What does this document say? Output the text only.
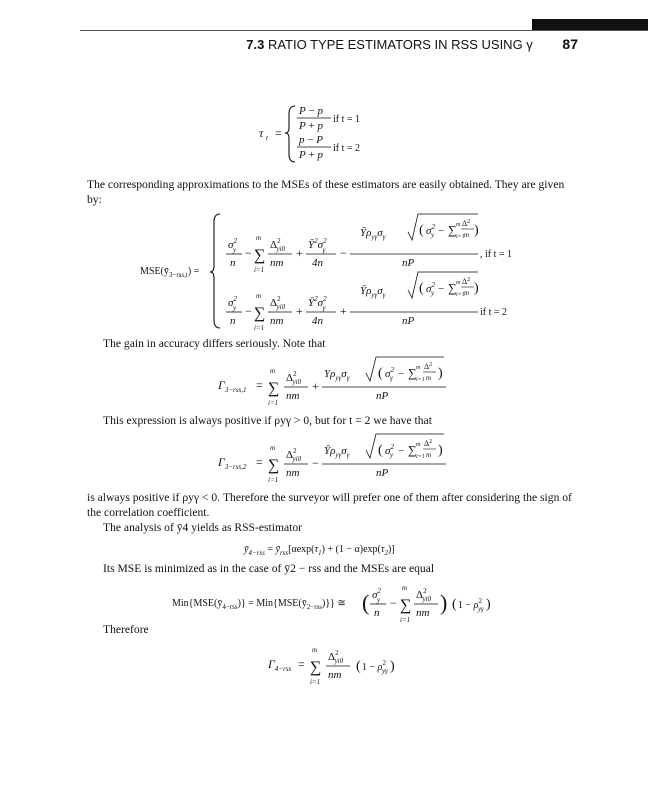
7.3 RATIO TYPE ESTIMATORS IN RSS USING γ 87
τ t =
P − p
P + p
if t = 1
p − P
P + p
if t = 2
The corresponding approximations to the MSEs of these estimators are easily obtained. They are given by:
$MSE(ȳ_{3-rss,t})$ =
$\sigma^2$ y
n
−
m
∑
i=1
$\Delta^2$ yi0
nm
+
$Ȳ^2\sigma^2$ γ
4n
−
$Ȳ\rho_{y\gamma}\sigma_\gamma$ ( $\sigma^2$ y − ∑ m
i=1
$\Delta^2$
m )
nP
, if t = 1
$\sigma^2$ y
n
−
m
∑
i=1
$\Delta^2$ yi0
nm
+
$Ȳ^2\sigma^2$ γ
4n
+
$Ȳ\rho_{y\gamma}\sigma_\gamma$ ( $\sigma^2$ y − ∑ m
i=1
$\Delta^2$
m )
nP
if t = 2
The gain in accuracy differs seriously. Note that
$\Gamma_{3-rss,1}$ =
m
∑
i=1
$\Delta^2$ yi0
nm
+
$Y\rho_{y\gamma}\sigma_\gamma$ ( $\sigma^2$ γ − ∑ m
i=1
$\Delta^2$
m )
nP
This expression is always positive if ρyγ > 0, but for t = 2 we have that
$\Gamma_{3-rss,2}$ =
m
∑
i=1
$\Delta^2$ yi0
nm
−
$Ȳ\rho_{y\gamma}\sigma_\gamma$ ( $\sigma^2$ y − ∑ m
i=1
$\Delta^2$
m )
nP
is always positive if ρyγ < 0. Therefore the surveyor will prefer one of them after considering the sign of the correlation coefficient.
The analysis of ȳ4 yields as RSS-estimator
$ȳ_{4-rss}$ = $ȳ_{rss}[\alpha\exp(\tau_1) + (1 - \alpha)\exp(\tau_2)]$
Its MSE is minimized as in the case of ȳ2 − rss and the MSEs are equal
$Min\{MSE(ȳ_{4-rss})\}$ = $Min\{MSE(ȳ_{2-rss})\}$} ≅ ( $\sigma^2$ y
n
−
m
∑
i=1
$\Delta^2$ yi0
nm ) ( $1 - \rho^2$ yγ )
Therefore
$\Gamma_{4-rss}$ =
m
∑
i=1
$\Delta^2$ yi0
nm
( $1 - \rho^2$ yγ )
